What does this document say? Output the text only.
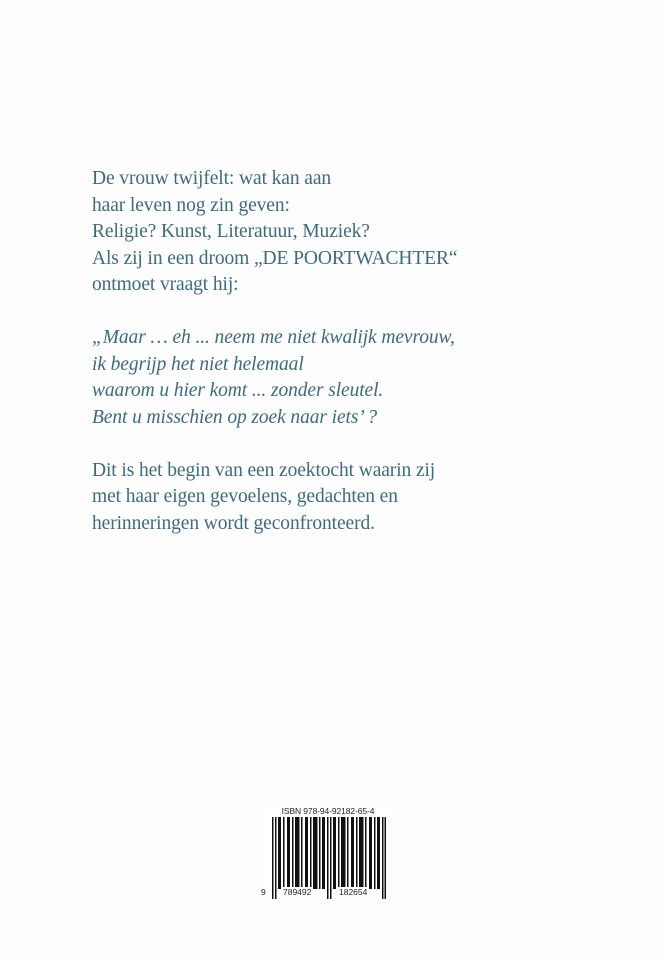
De vrouw twijfelt: wat kan aan
haar leven nog zin geven:
Religie? Kunst, Literatuur, Muziek?
Als zij in een droom „DE POORTWACHTER“
ontmoet vraagt hij:

„Maar … eh ... neem me niet kwalijk mevrouw,
ik begrijp het niet helemaal
waarom u hier komt ... zonder sleutel.
Bent u misschien op zoek naar iets’ ?

Dit is het begin van een zoektocht waarin zij
met haar eigen gevoelens, gedachten en
herinneringen wordt geconfronteerd.

ISBN 978-94-92182-65-4
9 789492	182654
